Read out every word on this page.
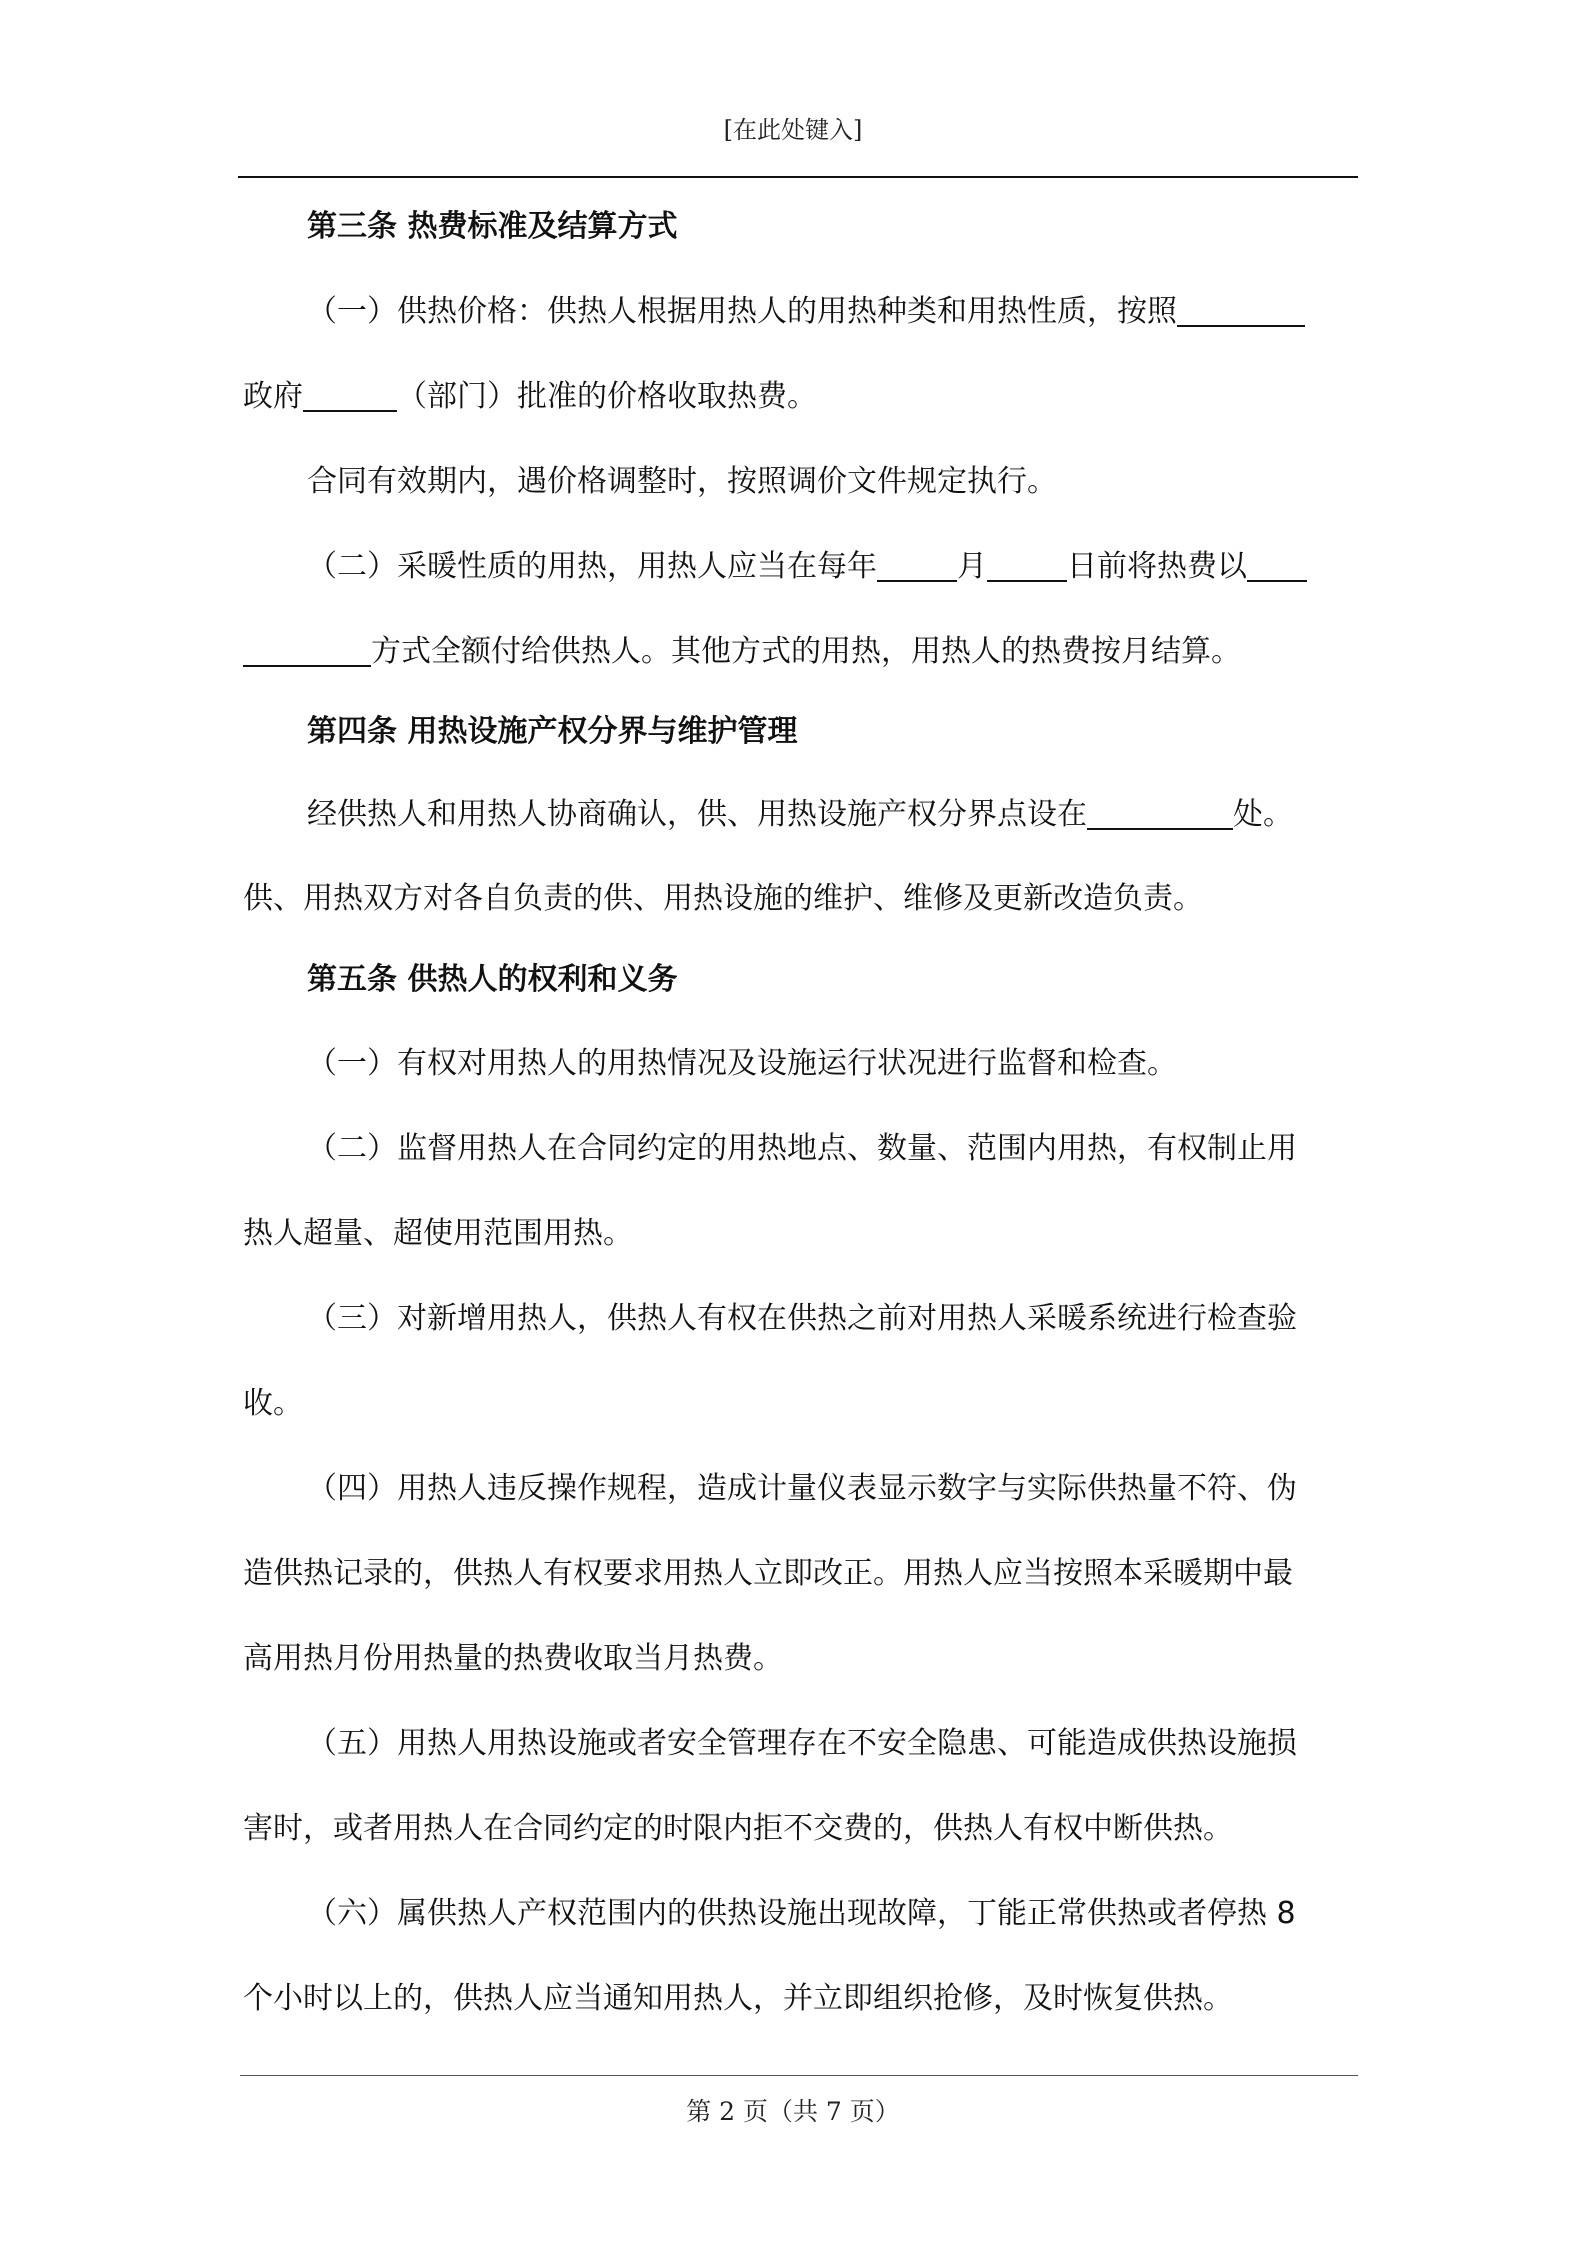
[在此处键入]
第三条 热费标准及结算方式
（一）供热价格：供热人根据用热人的用热种类和用热性质，按照
政府	（部门）批准的价格收取热费。
合同有效期内，遇价格调整时，按照调价文件规定执行。
（二）采暖性质的用热，用热人应当在每年	月	日前将热费以
方式全额付给供热人。其他方式的用热，用热人的热费按月结算。
第四条 用热设施产权分界与维护管理
经供热人和用热人协商确认，供、用热设施产权分界点设在	处。
供、用热双方对各自负责的供、用热设施的维护、维修及更新改造负责。
第五条 供热人的权利和义务
（一）有权对用热人的用热情况及设施运行状况进行监督和检查。
（二）监督用热人在合同约定的用热地点、数量、范围内用热，有权制止用
热人超量、超使用范围用热。
（三）对新增用热人，供热人有权在供热之前对用热人采暖系统进行检查验
收。
（四）用热人违反操作规程，造成计量仪表显示数字与实际供热量不符、伪
造供热记录的，供热人有权要求用热人立即改正。用热人应当按照本采暖期中最
高用热月份用热量的热费收取当月热费。
（五）用热人用热设施或者安全管理存在不安全隐患、可能造成供热设施损
害时，或者用热人在合同约定的时限内拒不交费的，供热人有权中断供热。
（六）属供热人产权范围内的供热设施出现故障，丁能正常供热或者停热 8
个小时以上的，供热人应当通知用热人，并立即组织抢修，及时恢复供热。
第 2 页（共 7 页）
